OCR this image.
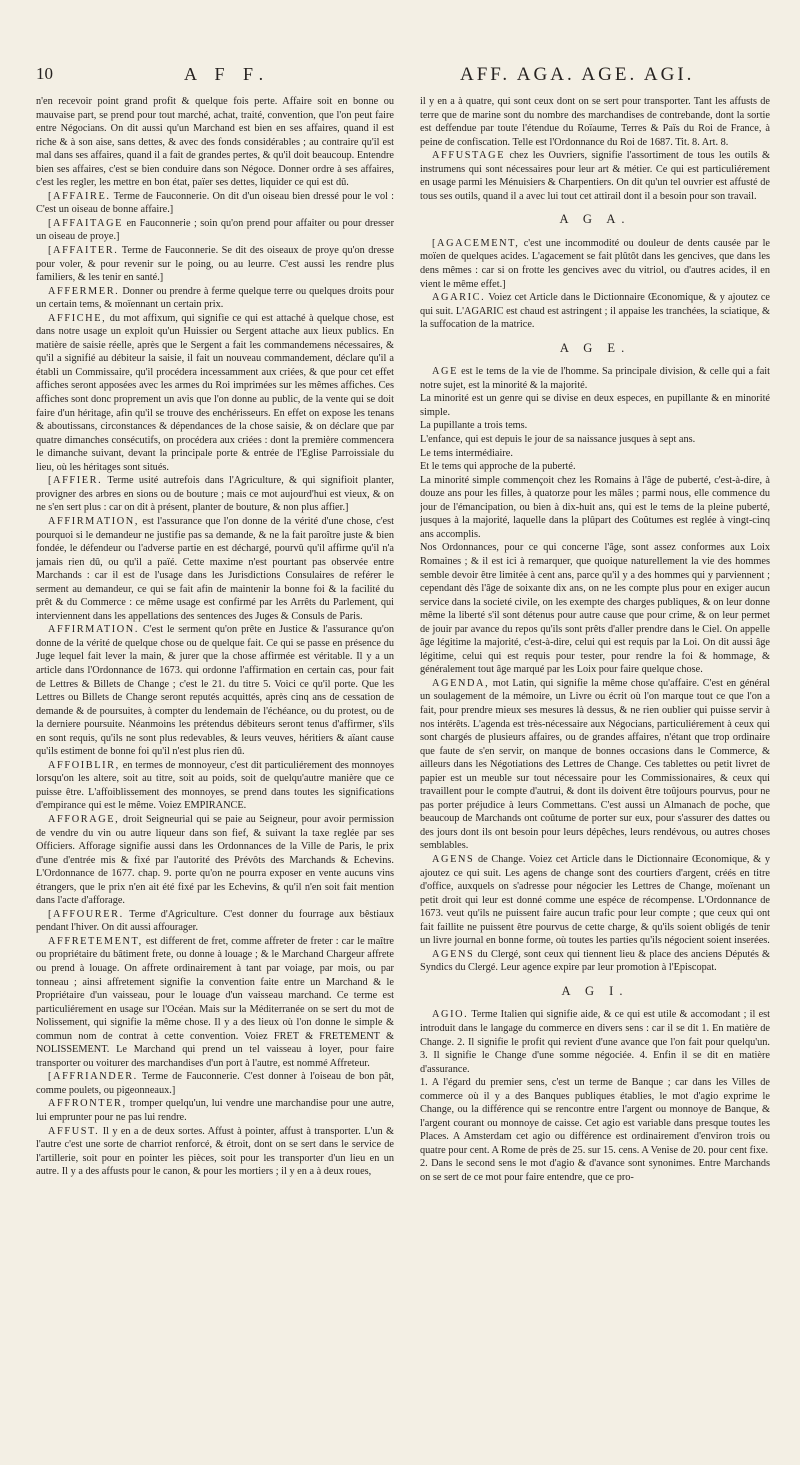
10	A F F.	AFF. AGA. AGE. AGI.

n'en recevoir point grand profit & quelque fois perte. Affaire soit en bonne ou mauvaise part, se prend pour tout marché, achat, traité, convention, que l'on peut faire entre Négocians. On dit aussi qu'un Marchand est bien en ses affaires, quand il est riche & à son aise, sans dettes, & avec des fonds considérables ; au contraire qu'il est mal dans ses affaires, quand il a fait de grandes pertes, & qu'il doit beaucoup. Entendre bien ses affaires, c'est se bien conduire dans son Négoce. Donner ordre à ses affaires, c'est les regler, les mettre en bon état, païer ses dettes, liquider ce qui est dû.

[AFFAIRE. Terme de Fauconnerie. On dit d'un oiseau bien dressé pour le vol : C'est un oiseau de bonne affaire.]

[AFFAITAGE en Fauconnerie ; soin qu'on prend pour affaiter ou pour dresser un oiseau de proye.]

[AFFAITER. Terme de Fauconnerie. Se dit des oiseaux de proye qu'on dresse pour voler, & pour revenir sur le poing, ou au leurre. C'est aussi les rendre plus familiers, & les tenir en santé.]

AFFERMER. Donner ou prendre à ferme quelque terre ou quelques droits pour un certain tems, & moïennant un certain prix.

AFFICHE, du mot affixum, qui signifie ce qui est attaché à quelque chose, est dans notre usage un exploit qu'un Huissier ou Sergent attache aux lieux publics. En matière de saisie réelle, après que le Sergent a fait les commandemens nécessaires, & qu'il a signifié au débiteur la saisie, il fait un nouveau commandement, déclare qu'il a établi un Commissaire, qu'il procédera incessamment aux criées, & que pour cet effet affiches seront apposées avec les armes du Roi imprimées sur les mêmes affiches. Ces affiches sont donc proprement un avis que l'on donne au public, de la vente qui se doit faire d'un héritage, afin qu'il se trouve des enchérisseurs. En effet on expose les tenans & aboutissans, circonstances & dépendances de la chose saisie, & on déclare que par quatre dimanches consécutifs, on procédera aux criées : dont la première commencera le dimanche suivant, devant la principale porte & entrée de l'Eglise Parroissiale du lieu, où les héritages sont situés.

[AFFIER. Terme usité autrefois dans l'Agriculture, & qui signifioit planter, provigner des arbres en sions ou de bouture ; mais ce mot aujourd'hui est vieux, & on ne s'en sert plus : car on dit à présent, planter de bouture, & non plus affier.]

AFFIRMATION, est l'assurance que l'on donne de la vérité d'une chose, c'est pourquoi si le demandeur ne justifie pas sa demande, & ne la fait paroître juste & bien fondée, le défendeur ou l'adverse partie en est déchargé, pourvû qu'il affirme qu'il n'a jamais rien dû, ou qu'il a païé. Cette maxime n'est pourtant pas observée entre Marchands : car il est de l'usage dans les Jurisdictions Consulaires de reférer le serment au demandeur, ce qui se fait afin de maintenir la bonne foi & la facilité du prêt & du Commerce : ce même usage est confirmé par les Arrêts du Parlement, qui interviennent dans les appellations des sentences des Juges & Consuls de Paris.

AFFIRMATION. C'est le serment qu'on prête en Justice & l'assurance qu'on donne de la vérité de quelque chose ou de quelque fait. Ce qui se passe en présence du Juge lequel fait lever la main, & jurer que la chose affirmée est véritable. Il y a un article dans l'Ordonnance de 1673. qui ordonne l'affirmation en certain cas, pour fait de Lettres & Billets de Change ; c'est le 21. du titre 5. Voici ce qu'il porte. Que les Lettres ou Billets de Change seront reputés acquittés, après cinq ans de cessation de demande & de poursuites, à compter du lendemain de l'échéance, ou du protest, ou de la derniere poursuite. Néanmoins les prétendus débiteurs seront tenus d'affirmer, s'ils en sont requis, qu'ils ne sont plus redevables, & leurs veuves, héritiers & aïant cause qu'ils estiment de bonne foi qu'il n'est plus rien dû.

AFFOIBLIR, en termes de monnoyeur, c'est dit particuliérement des monnoyes lorsqu'on les altere, soit au titre, soit au poids, soit de quelqu'autre manière que ce puisse être. L'affoiblissement des monnoyes, se prend dans toutes les significations d'empirance qui est le même. Voiez EMPIRANCE.

AFFORAGE, droit Seigneurial qui se paie au Seigneur, pour avoir permission de vendre du vin ou autre liqueur dans son fief, & suivant la taxe reglée par ses Officiers. Afforage signifie aussi dans les Ordonnances de la Ville de Paris, le prix d'une d'entrée mis & fixé par l'autorité des Prévôts des Marchands & Echevins. L'Ordonnance de 1677. chap. 9. porte qu'on ne pourra exposer en vente aucuns vins étrangers, que le prix n'en ait été fixé par les Echevins, & qu'il n'en soit fait mention dans l'acte d'afforage.

[AFFOURER. Terme d'Agriculture. C'est donner du fourrage aux bêstiaux pendant l'hiver. On dit aussi affourager.

AFFRETEMENT, est different de fret, comme affreter de freter : car le maître ou propriétaire du bâtiment frete, ou donne à louage ; & le Marchand Chargeur affrete ou prend à louage. On affrete ordinairement à tant par voiage, par mois, ou par tonneau ; ainsi affretement signifie la convention faite entre un Marchand & le Propriétaire d'un vaisseau, pour le louage d'un vaisseau marchand. Ce terme est particuliérement en usage sur l'Océan. Mais sur la Méditerranée on se sert du mot de Nolissement, qui signifie la même chose. Il y a des lieux où l'on donne le simple & commun nom de contrat à cette convention. Voiez FRET & FRETEMENT & NOLISSEMENT. Le Marchand qui prend un tel vaisseau à loyer, pour faire transporter ou voiturer des marchandises d'un port à l'autre, est nommé Affreteur.

[AFFRIANDER. Terme de Fauconnerie. C'est donner à l'oiseau de bon pât, comme poulets, ou pigeonneaux.]

AFFRONTER, tromper quelqu'un, lui vendre une marchandise pour une autre, lui emprunter pour ne pas lui rendre.

AFFUST. Il y en a de deux sortes. Affust à pointer, affust à transporter. L'un & l'autre c'est une sorte de charriot renforcé, & étroit, dont on se sert dans le service de l'artillerie, soit pour en pointer les pièces, soit pour les transporter d'un lieu en un autre. Il y a des affusts pour le canon, & pour les mortiers ; il y en a à deux roues,

il y en a à quatre, qui sont ceux dont on se sert pour transporter. Tant les affusts de terre que de marine sont du nombre des marchandises de contrebande, dont la sortie est deffendue par toute l'étendue du Roïaume, Terres & Païs du Roi de France, à peine de confiscation. Telle est l'Ordonnance du Roi de 1687. Tit. 8. Art. 8.

AFFUSTAGE chez les Ouvriers, signifie l'assortiment de tous les outils & instrumens qui sont nécessaires pour leur art & métier. Ce qui est particuliérement en usage parmi les Ménuisiers & Charpentiers. On dit qu'un tel ouvrier est affusté de tous ses outils, quand il a avec lui tout cet attirail dont il a besoin pour son travail.

A G A.

[AGACEMENT, c'est une incommodité ou douleur de dents causée par le moïen de quelques acides. L'agacement se fait plûtôt dans les gencives, que dans les dens mêmes : car si on frotte les gencives avec du vitriol, ou d'autres acides, il en vient le même effet.]

AGARIC. Voiez cet Article dans le Dictionnaire Œconomique, & y ajoutez ce qui suit. L'AGARIC est chaud est astringent ; il appaise les tranchées, la sciatique, & la suffocation de la matrice.

A G E.

AGE est le tems de la vie de l'homme. Sa principale division, & celle qui a fait notre sujet, est la minorité & la majorité.

La minorité est un genre qui se divise en deux especes, en pupillante & en minorité simple.

La pupillante a trois tems.

L'enfance, qui est depuis le jour de sa naissance jusques à sept ans.

Le tems intermédiaire.

Et le tems qui approche de la puberté.

La minorité simple commençoit chez les Romains à l'âge de puberté, c'est-à-dire, à douze ans pour les filles, à quatorze pour les mâles ; parmi nous, elle commence du jour de l'émancipation, ou bien à dix-huit ans, qui est le tems de la pleine puberté, jusques à la majorité, laquelle dans la plûpart des Coûtumes est reglée à vingt-cinq ans accomplis.

Nos Ordonnances, pour ce qui concerne l'âge, sont assez conformes aux Loix Romaines ; & il est ici à remarquer, que quoique naturellement la vie des hommes semble devoir être limitée à cent ans, parce qu'il y a des hommes qui y parviennent ; cependant dès l'âge de soixante dix ans, on ne les compte plus pour en exiger aucun service dans la societé civile, on les exempte des charges publiques, & on leur donne même la liberté s'il sont détenus pour autre cause que pour crime, & on leur permet de jouir par avance du repos qu'ils sont prêts d'aller prendre dans le Ciel. On appelle âge légitime la majorité, c'est-à-dire, celui qui est requis par la Loi. On dit aussi âge légitime, celui qui est requis pour tester, pour rendre la foi & hommage, & généralement tout âge marqué par les Loix pour faire quelque chose.

AGENDA, mot Latin, qui signifie la même chose qu'affaire. C'est en général un soulagement de la mémoire, un Livre ou écrit où l'on marque tout ce que l'on a fait, pour prendre mieux ses mesures là dessus, & ne rien oublier qui puisse servir à nos intérêts. L'agenda est très-nécessaire aux Négocians, particuliérement à ceux qui sont chargés de plusieurs affaires, ou de grandes affaires, n'étant que trop ordinaire que faute de s'en servir, on manque de bonnes occasions dans le Commerce, & ailleurs dans les Négotiations des Lettres de Change. Ces tablettes ou petit livret de papier est un meuble sur tout nécessaire pour les Commissionaires, & ceux qui travaillent pour le compte d'autrui, & dont ils doivent être toûjours pourvus, pour ne pas porter préjudice à leurs Commettans. C'est aussi un Almanach de poche, que beaucoup de Marchands ont coûtume de porter sur eux, pour s'assurer des dattes ou des jours dont ils ont besoin pour leurs dépêches, leurs rendévous, ou autres choses semblables.

AGENS de Change. Voiez cet Article dans le Dictionnaire Œconomique, & y ajoutez ce qui suit. Les agens de change sont des courtiers d'argent, créés en titre d'office, auxquels on s'adresse pour négocier les Lettres de Change, moïenant un petit droit qui leur est donné comme une espéce de récompense. L'Ordonnance de 1673. veut qu'ils ne puissent faire aucun trafic pour leur compte ; que ceux qui ont fait faillite ne puissent être pourvus de cette charge, & qu'ils soient obligés de tenir un livre journal en bonne forme, où toutes les parties qu'ils négocient soient inserées.

AGENS du Clergé, sont ceux qui tiennent lieu & place des anciens Députés & Syndics du Clergé. Leur agence expire par leur promotion à l'Episcopat.

A G I.

AGIO. Terme Italien qui signifie aide, & ce qui est utile & accomodant ; il est introduit dans le langage du commerce en divers sens : car il se dit 1. En matière de Change. 2. Il signifie le profit qui revient d'une avance que l'on fait pour quelqu'un. 3. Il signifie le Change d'une somme négociée. 4. Enfin il se dit en matière d'assurance.

1. A l'égard du premier sens, c'est un terme de Banque ; car dans les Villes de commerce où il y a des Banques publiques établies, le mot d'agio exprime le Change, ou la différence qui se rencontre entre l'argent ou monnoye de Banque, & l'argent courant ou monnoye de caisse. Cet agio est variable dans presque toutes les Places. A Amsterdam cet agio ou différence est ordinairement d'environ trois ou quatre pour cent. A Rome de près de 25. sur 15. cens. A Venise de 20. pour cent fixe.

2. Dans le second sens le mot d'agio & d'avance sont synonimes. Entre Marchands on se sert de ce mot pour faire entendre, que ce pro-
